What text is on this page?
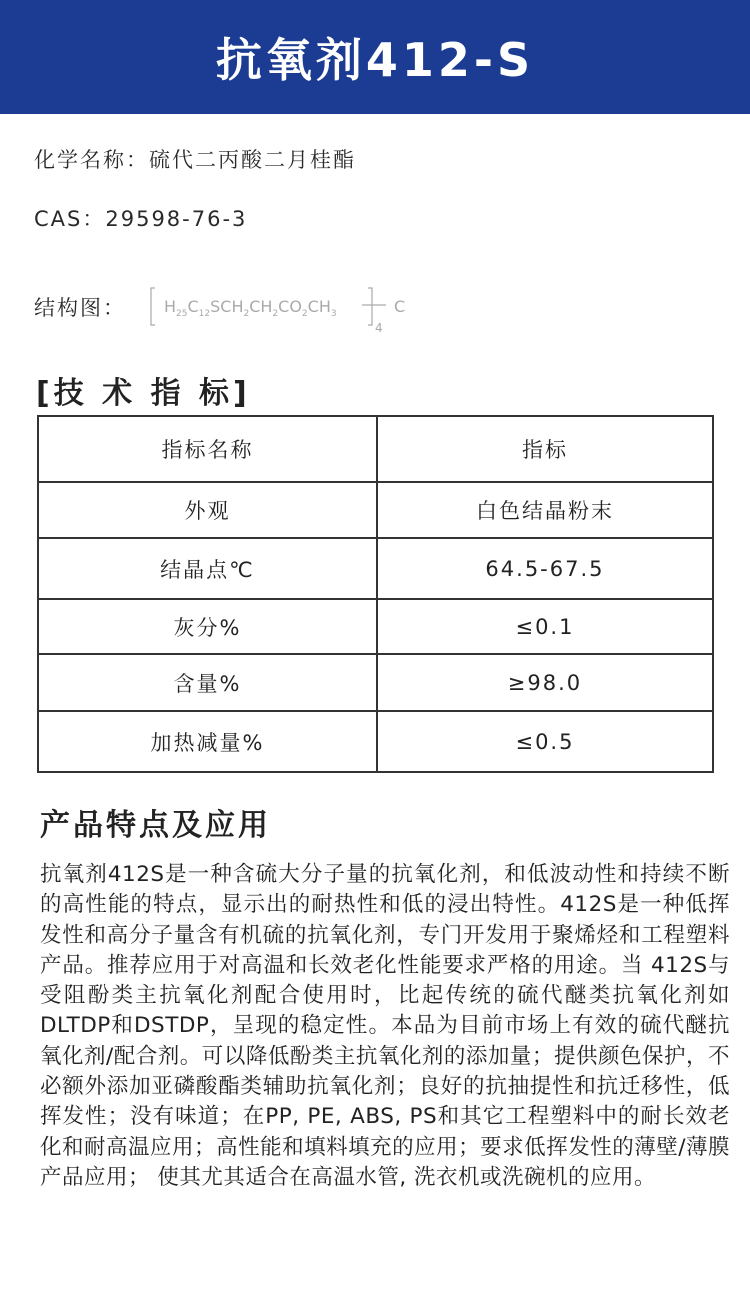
抗氧剂412-S
化学名称：硫代二丙酸二月桂酯
CAS：29598-76-3
结构图： $H_{25}C_{12}SCH_2CH_2CO_2CH_3$	C
4
[技 术 指 标]
指标名称	指标
外观	白色结晶粉末
结晶点℃	64.5-67.5
灰分%	≤0.1
含量%	≥98.0
加热减量%	≤0.5
产品特点及应用
抗氧剂412S是一种含硫大分子量的抗氧化剂，和低波动性和持续不断的高性能的特点，显示出的耐热性和低的浸出特性。412S是一种低挥发性和高分子量含有机硫的抗氧化剂，专门开发用于聚烯烃和工程塑料产品。推荐应用于对高温和长效老化性能要求严格的用途。当 412S与受阻酚类主抗氧化剂配合使用时，比起传统的硫代醚类抗氧化剂如DLTDP和DSTDP，呈现的稳定性。本品为目前市场上有效的硫代醚抗氧化剂/配合剂。可以降低酚类主抗氧化剂的添加量；提供颜色保护，不必额外添加亚磷酸酯类辅助抗氧化剂；良好的抗抽提性和抗迁移性，低挥发性；没有味道；在PP, PE, ABS, PS和其它工程塑料中的耐长效老化和耐高温应用；高性能和填料填充的应用；要求低挥发性的薄壁/薄膜产品应用； 使其尤其适合在高温水管, 洗衣机或洗碗机的应用。
